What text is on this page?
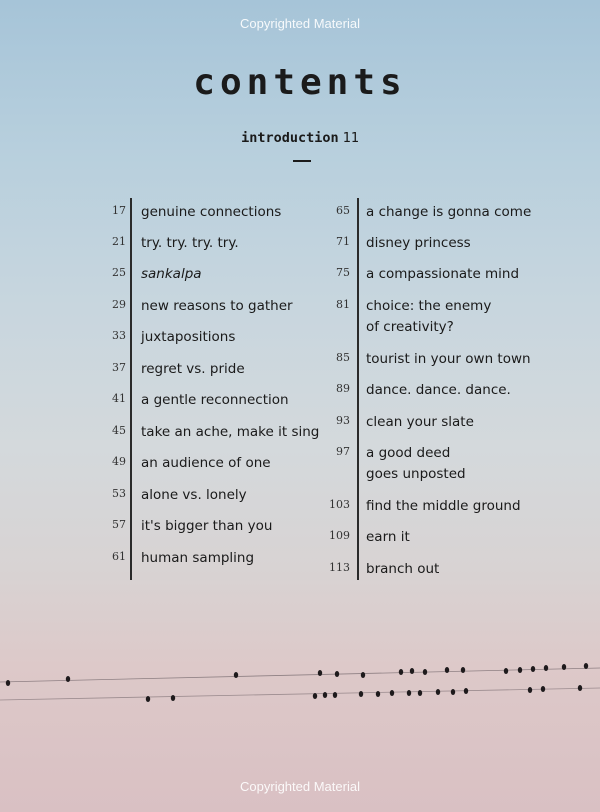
Copyrighted Material
contents
introduction 11
17 genuine connections
21 try. try. try. try.
25 sankalpa
29 new reasons to gather
33 juxtapositions
37 regret vs. pride
41 a gentle reconnection
45 take an ache, make it sing
49 an audience of one
53 alone vs. lonely
57 it's bigger than you
61 human sampling
65 a change is gonna come
71 disney princess
75 a compassionate mind
81 choice: the enemy
of creativity?
85 tourist in your own town
89 dance. dance. dance.
93 clean your slate
97 a good deed
goes unposted
103 find the middle ground
109 earn it
113 branch out
Copyrighted Material
